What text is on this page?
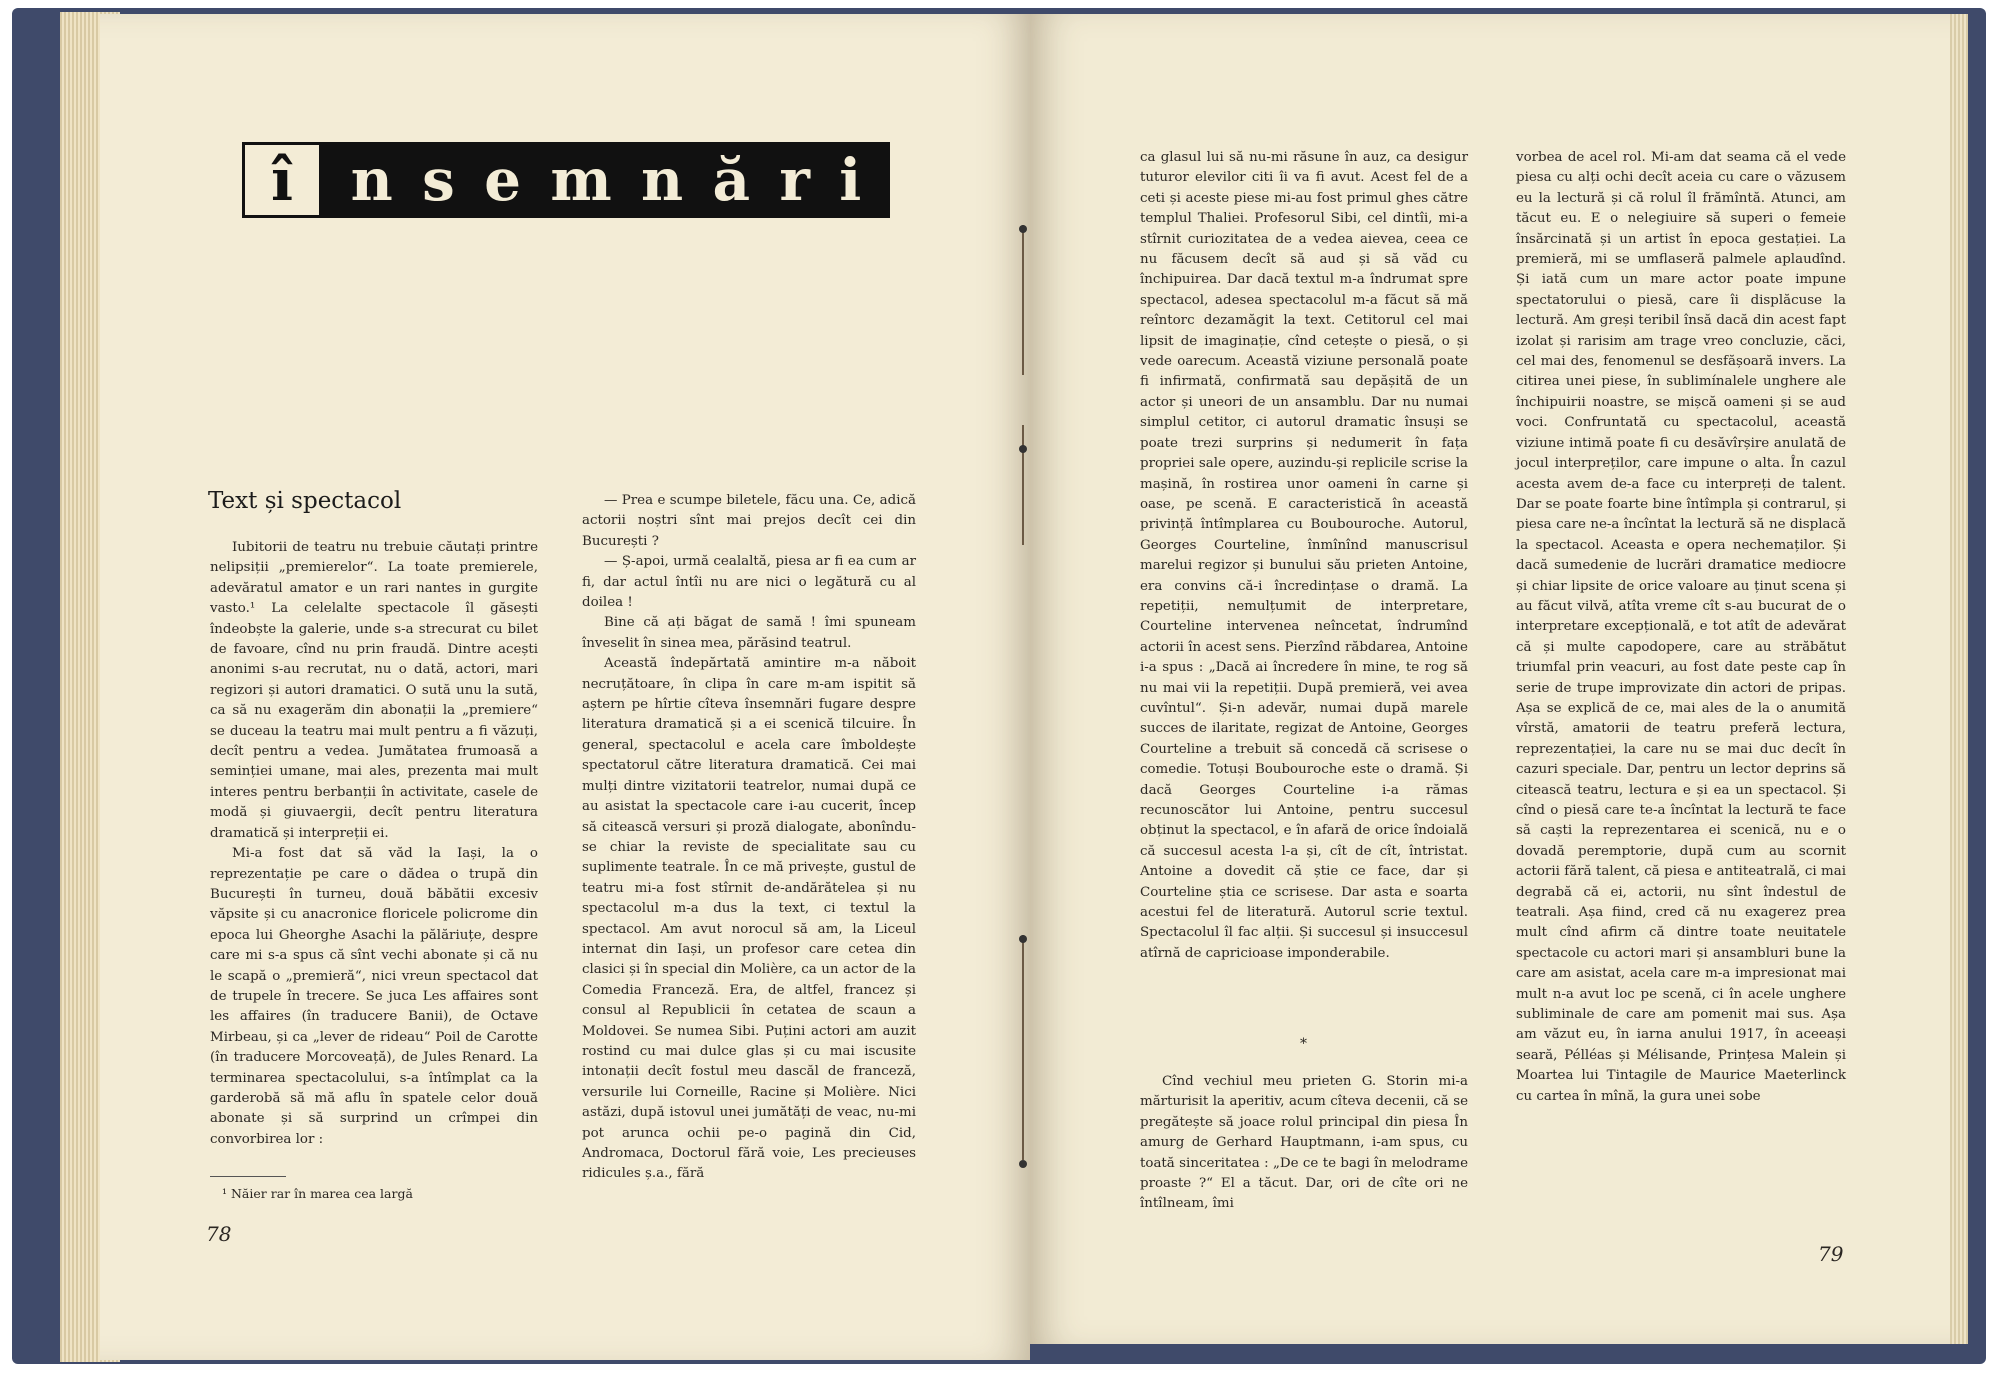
î n s e m n ă r i
Text și spectacol

Iubitorii de teatru nu trebuie căutați printre nelipsiții „premierelor“. La toate premierele, adevăratul amator e un rari nantes in gurgite vasto.¹ La celelalte spectacole îl găsești îndeobște la galerie, unde s-a strecurat cu bilet de favoare, cînd nu prin fraudă. Dintre acești anonimi s-au recrutat, nu o dată, actori, mari regizori și autori dramatici. O sută unu la sută, ca să nu exagerăm din abonații la „premiere“ se duceau la teatru mai mult pentru a fi văzuți, decît pentru a vedea. Jumătatea frumoasă a seminției umane, mai ales, prezenta mai mult interes pentru berbanții în activitate, casele de modă și giuvaergii, decît pentru literatura dramatică și interpreții ei.

Mi-a fost dat să văd la Iași, la o reprezentație pe care o dădea o trupă din București în turneu, două băbătii excesiv văpsite și cu anacronice floricele policrome din epoca lui Gheorghe Asachi la pălăriuțe, despre care mi s-a spus că sînt vechi abonate și că nu le scapă o „premieră“, nici vreun spectacol dat de trupele în trecere. Se juca Les affaires sont les affaires (în traducere Banii), de Octave Mirbeau, și ca „lever de rideau“ Poil de Carotte (în traducere Morcoveață), de Jules Renard. La terminarea spectacolului, s-a întîmplat ca la garderobă să mă aflu în spatele celor două abonate și să surprind un crîmpei din convorbirea lor :

— Prea e scumpe biletele, făcu una. Ce, adică actorii noștri sînt mai prejos decît cei din București ?

— Ș-apoi, urmă cealaltă, piesa ar fi ea cum ar fi, dar actul întîi nu are nici o legătură cu al doilea !

Bine că ați băgat de samă ! îmi spuneam înveselit în sinea mea, părăsind teatrul.

Această îndepărtată amintire m-a năboit necruțătoare, în clipa în care m-am ispitit să aștern pe hîrtie cîteva însemnări fugare despre literatura dramatică și a ei scenică tilcuire. În general, spectacolul e acela care îmboldește spectatorul către literatura dramatică. Cei mai mulți dintre vizitatorii teatrelor, numai după ce au asistat la spectacole care i-au cucerit, încep să citească versuri și proză dialogate, abonîndu-se chiar la reviste de specialitate sau cu suplimente teatrale. În ce mă privește, gustul de teatru mi-a fost stîrnit de-andărătelea și nu spectacolul m-a dus la text, ci textul la spectacol. Am avut norocul să am, la Liceul internat din Iași, un profesor care cetea din clasici și în special din Molière, ca un actor de la Comedia Franceză. Era, de altfel, francez și consul al Republicii în cetatea de scaun a Moldovei. Se numea Sibi. Puțini actori am auzit rostind cu mai dulce glas și cu mai iscusite intonații decît fostul meu dascăl de franceză, versurile lui Corneille, Racine și Molière. Nici astăzi, după istovul unei jumătăți de veac, nu-mi pot arunca ochii pe-o pagină din Cid, Andromaca, Doctorul fără voie, Les precieuses ridicules ș.a., fără

¹ Năier rar în marea cea largă
78

ca glasul lui să nu-mi răsune în auz, ca desigur tuturor elevilor citi îi va fi avut. Acest fel de a ceti și aceste piese mi-au fost primul ghes către templul Thaliei. Profesorul Sibi, cel dintîi, mi-a stîrnit curiozitatea de a vedea aievea, ceea ce nu făcusem decît să aud și să văd cu închipuirea. Dar dacă textul m-a îndrumat spre spectacol, adesea spectacolul m-a făcut să mă reîntorc dezamăgit la text. Cetitorul cel mai lipsit de imaginație, cînd cetește o piesă, o și vede oarecum. Această viziune personală poate fi infirmată, confirmată sau depășită de un actor și uneori de un ansamblu. Dar nu numai simplul cetitor, ci autorul dramatic însuși se poate trezi surprins și nedumerit în fața propriei sale opere, auzindu-și replicile scrise la mașină, în rostirea unor oameni în carne și oase, pe scenă. E caracteristică în această privință întîmplarea cu Boubouroche. Autorul, Georges Courteline, înmînînd manuscrisul marelui regizor și bunului său prieten Antoine, era convins că-i încredințase o dramă. La repetiții, nemulțumit de interpretare, Courteline intervenea neîncetat, îndrumînd actorii în acest sens. Pierzînd răbdarea, Antoine i-a spus : „Dacă ai încredere în mine, te rog să nu mai vii la repetiții. După premieră, vei avea cuvîntul“. Și-n adevăr, numai după marele succes de ilaritate, regizat de Antoine, Georges Courteline a trebuit să concedă că scrisese o comedie. Totuși Boubouroche este o dramă. Și dacă Georges Courteline i-a rămas recunoscător lui Antoine, pentru succesul obținut la spectacol, e în afară de orice îndoială că succesul acesta l-a și, cît de cît, întristat. Antoine a dovedit că știe ce face, dar și Courteline știa ce scrisese. Dar asta e soarta acestui fel de literatură. Autorul scrie textul. Spectacolul îl fac alții. Și succesul și insuccesul atîrnă de capricioase imponderabile.

*

Cînd vechiul meu prieten G. Storin mi-a mărturisit la aperitiv, acum cîteva decenii, că se pregătește să joace rolul principal din piesa În amurg de Gerhard Hauptmann, i-am spus, cu toată sinceritatea : „De ce te bagi în melodrame proaste ?“ El a tăcut. Dar, ori de cîte ori ne întîlneam, îmi

vorbea de acel rol. Mi-am dat seama că el vede piesa cu alți ochi decît aceia cu care o văzusem eu la lectură și că rolul îl frămîntă. Atunci, am tăcut eu. E o nelegiuire să superi o femeie însărcinată și un artist în epoca gestației. La premieră, mi se umflaseră palmele aplaudînd. Și iată cum un mare actor poate impune spectatorului o piesă, care îi displăcuse la lectură. Am greși teribil însă dacă din acest fapt izolat și rarisim am trage vreo concluzie, căci, cel mai des, fenomenul se desfășoară invers. La citirea unei piese, în sublimínalele unghere ale închipuirii noastre, se mișcă oameni și se aud voci. Confruntată cu spectacolul, această viziune intimă poate fi cu desăvîrșire anulată de jocul interpreților, care impune o alta. În cazul acesta avem de-a face cu interpreți de talent. Dar se poate foarte bine întîmpla și contrarul, și piesa care ne-a încîntat la lectură să ne displacă la spectacol. Aceasta e opera nechemaților. Și dacă sumedenie de lucrări dramatice mediocre și chiar lipsite de orice valoare au ținut scena și au făcut vilvă, atîta vreme cît s-au bucurat de o interpretare excepțională, e tot atît de adevărat că și multe capodopere, care au străbătut triumfal prin veacuri, au fost date peste cap în serie de trupe improvizate din actori de pripas. Așa se explică de ce, mai ales de la o anumită vîrstă, amatorii de teatru preferă lectura, reprezentației, la care nu se mai duc decît în cazuri speciale. Dar, pentru un lector deprins să citească teatru, lectura e și ea un spectacol. Și cînd o piesă care te-a încîntat la lectură te face să caști la reprezentarea ei scenică, nu e o dovadă peremptorie, după cum au scornit actorii fără talent, că piesa e antiteatrală, ci mai degrabă că ei, actorii, nu sînt îndestul de teatrali. Așa fiind, cred că nu exagerez prea mult cînd afirm că dintre toate neuitatele spectacole cu actori mari și ansambluri bune la care am asistat, acela care m-a impresionat mai mult n-a avut loc pe scenă, ci în acele unghere subliminale de care am pomenit mai sus. Așa am văzut eu, în iarna anului 1917, în aceeași seară, Pélléas și Mélisande, Prințesa Malein și Moartea lui Tintagile de Maurice Maeterlinck cu cartea în mînă, la gura unei sobe

79
